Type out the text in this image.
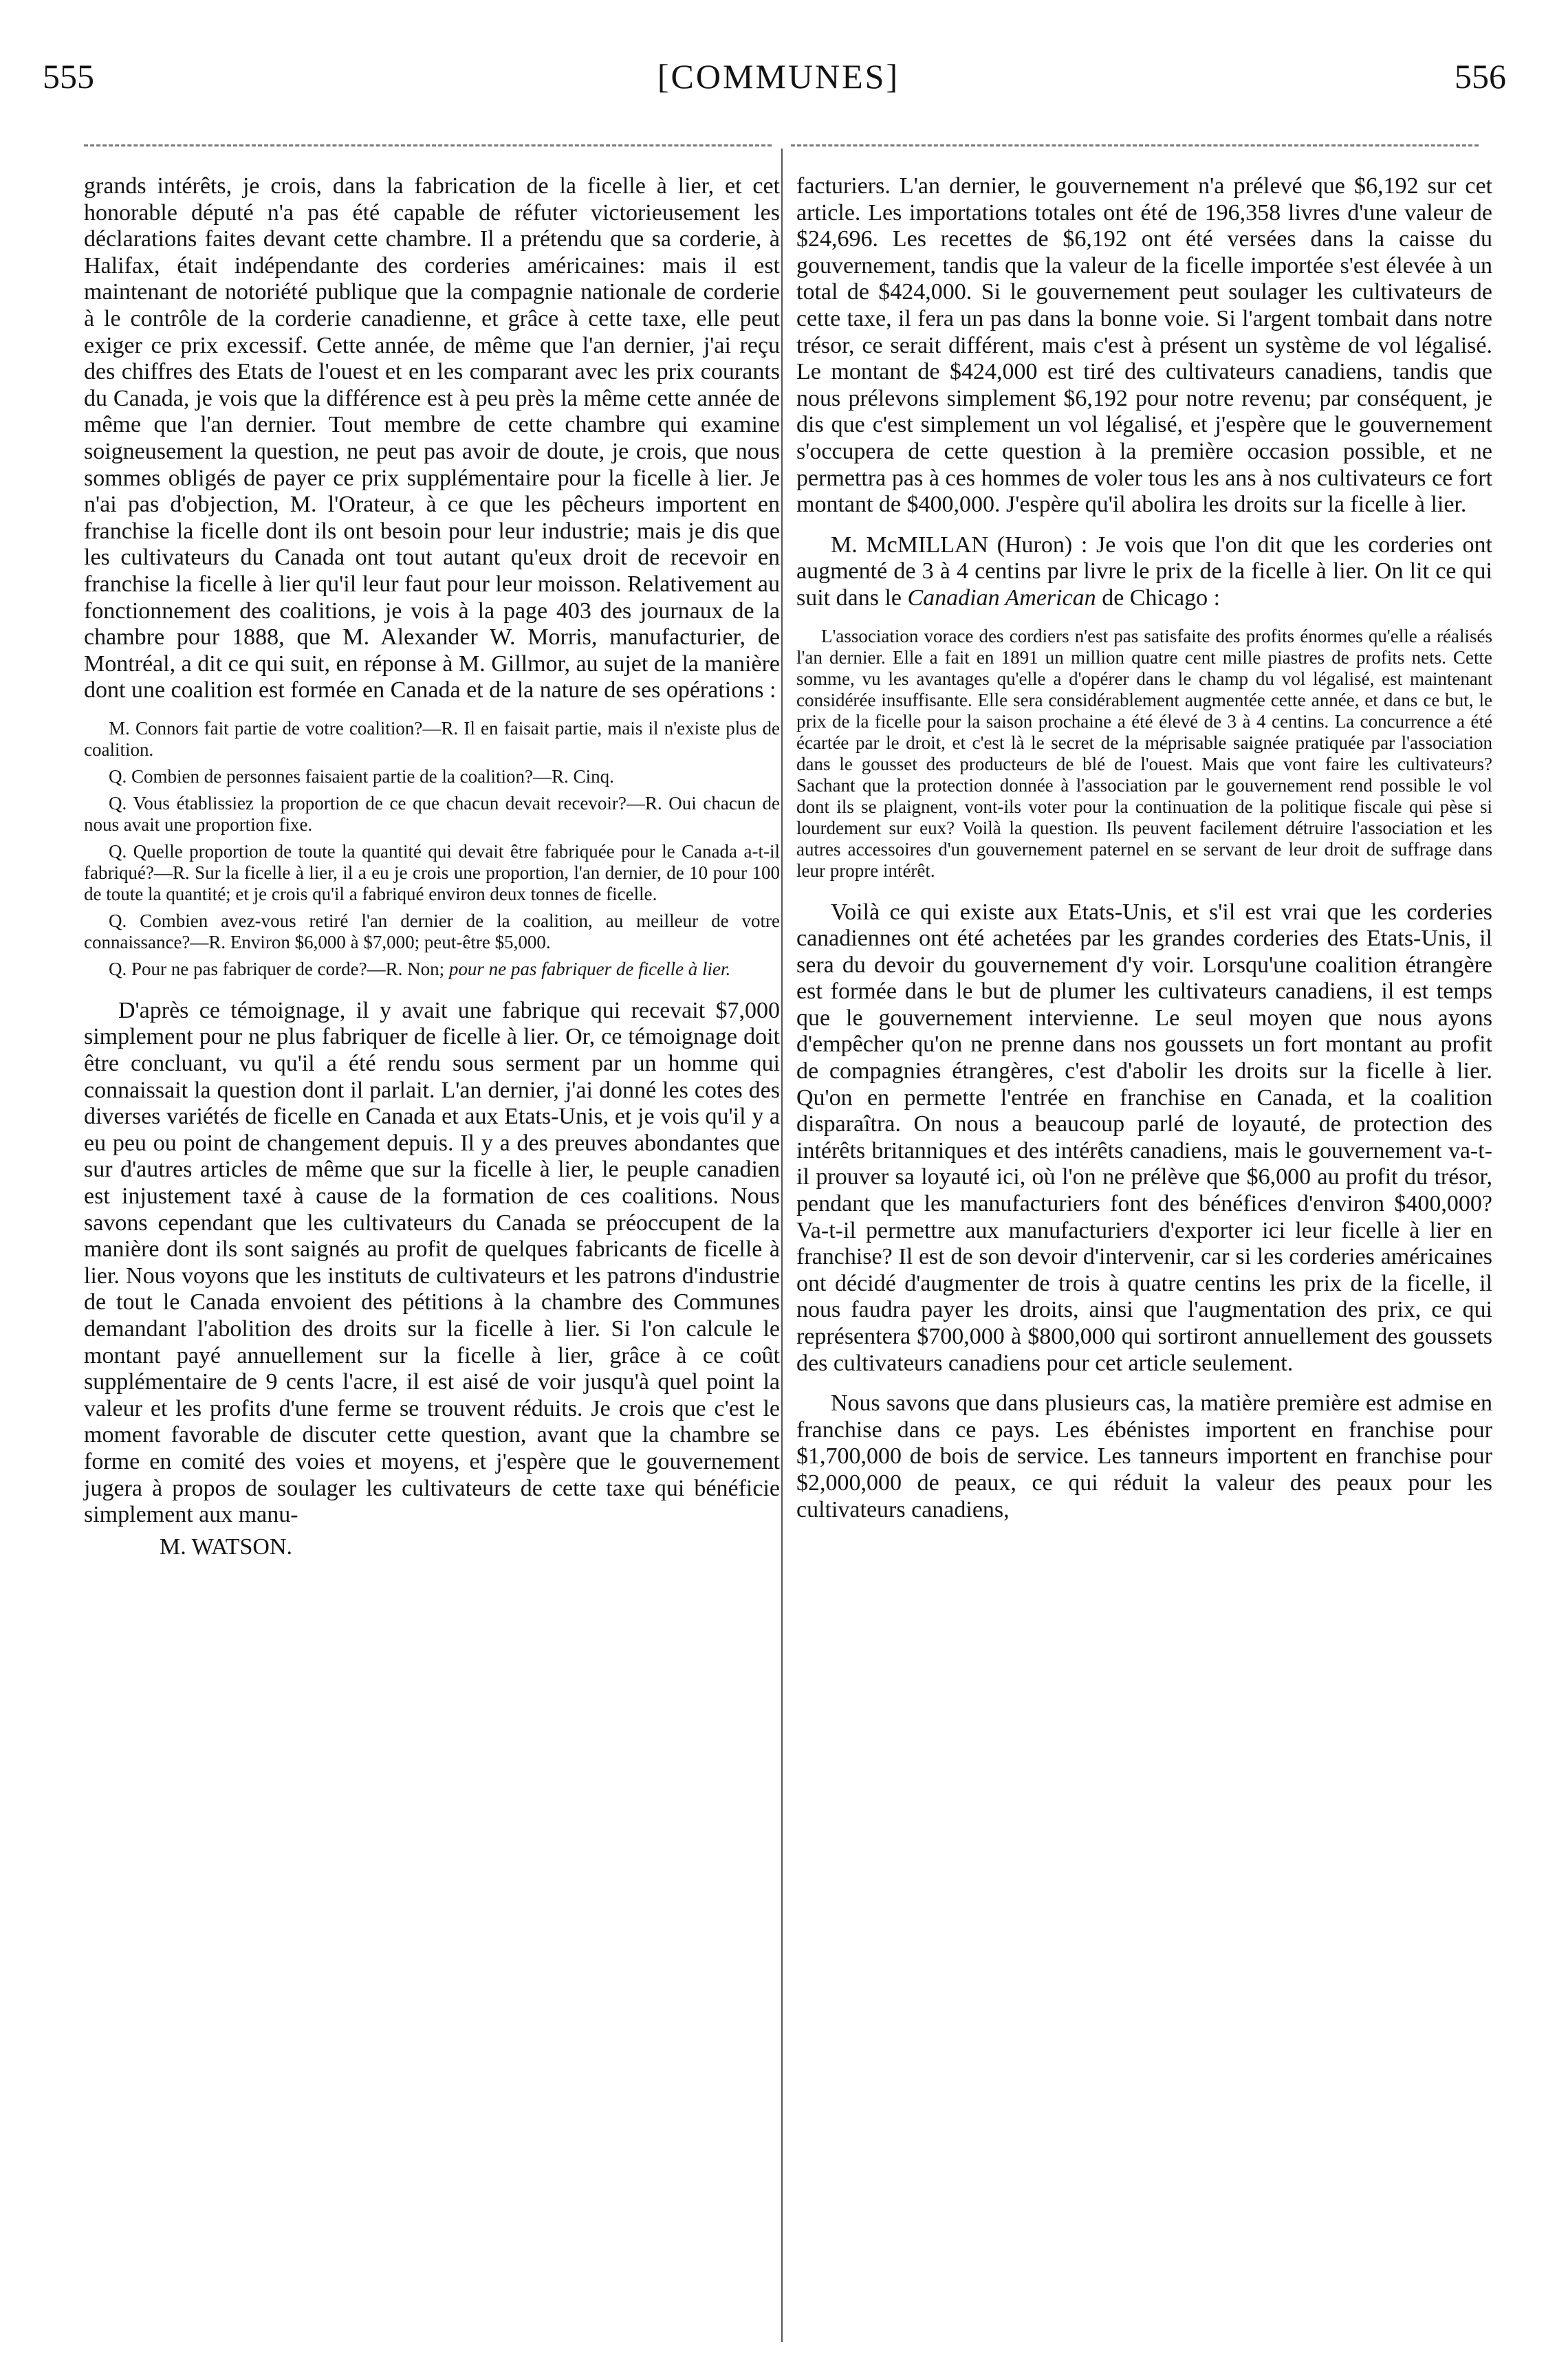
[COMMUNES]
555	556

grands intérêts, je crois, dans la fabrication de la ficelle à lier, et cet honorable député n'a pas été capable de réfuter victorieusement les déclarations faites devant cette chambre. Il a prétendu que sa corderie, à Halifax, était indépendante des corderies américaines: mais il est maintenant de notoriété publique que la compagnie nationale de corderie à le contrôle de la corderie canadienne, et grâce à cette taxe, elle peut exiger ce prix excessif. Cette année, de même que l'an dernier, j'ai reçu des chiffres des Etats de l'ouest et en les comparant avec les prix courants du Canada, je vois que la différence est à peu près la même cette année de même que l'an dernier. Tout membre de cette chambre qui examine soigneusement la question, ne peut pas avoir de doute, je crois, que nous sommes obligés de payer ce prix supplémentaire pour la ficelle à lier. Je n'ai pas d'objection, M. l'Orateur, à ce que les pêcheurs importent en franchise la ficelle dont ils ont besoin pour leur industrie; mais je dis que les cultivateurs du Canada ont tout autant qu'eux droit de recevoir en franchise la ficelle à lier qu'il leur faut pour leur moisson. Relativement au fonctionnement des coalitions, je vois à la page 403 des journaux de la chambre pour 1888, que M. Alexander W. Morris, manufacturier, de Montréal, a dit ce qui suit, en réponse à M. Gillmor, au sujet de la manière dont une coalition est formée en Canada et de la nature de ses opérations :

M. Connors fait partie de votre coalition?—R. Il en faisait partie, mais il n'existe plus de coalition.

Q. Combien de personnes faisaient partie de la coalition?—R. Cinq.

Q. Vous établissiez la proportion de ce que chacun devait recevoir?—R. Oui chacun de nous avait une proportion fixe.

Q. Quelle proportion de toute la quantité qui devait être fabriquée pour le Canada a-t-il fabriqué?—R. Sur la ficelle à lier, il a eu je crois une proportion, l'an dernier, de 10 pour 100 de toute la quantité; et je crois qu'il a fabriqué environ deux tonnes de ficelle.

Q. Combien avez-vous retiré l'an dernier de la coalition, au meilleur de votre connaissance?—R. Environ $6,000 à $7,000; peut-être $5,000.

Q. Pour ne pas fabriquer de corde?—R. Non; pour ne pas fabriquer de ficelle à lier.

D'après ce témoignage, il y avait une fabrique qui recevait $7,000 simplement pour ne plus fabriquer de ficelle à lier. Or, ce témoignage doit être concluant, vu qu'il a été rendu sous serment par un homme qui connaissait la question dont il parlait. L'an dernier, j'ai donné les cotes des diverses variétés de ficelle en Canada et aux Etats-Unis, et je vois qu'il y a eu peu ou point de changement depuis. Il y a des preuves abondantes que sur d'autres articles de même que sur la ficelle à lier, le peuple canadien est injustement taxé à cause de la formation de ces coalitions. Nous savons cependant que les cultivateurs du Canada se préoccupent de la manière dont ils sont saignés au profit de quelques fabricants de ficelle à lier. Nous voyons que les instituts de cultivateurs et les patrons d'industrie de tout le Canada envoient des pétitions à la chambre des Communes demandant l'abolition des droits sur la ficelle à lier. Si l'on calcule le montant payé annuellement sur la ficelle à lier, grâce à ce coût supplémentaire de 9 cents l'acre, il est aisé de voir jusqu'à quel point la valeur et les profits d'une ferme se trouvent réduits. Je crois que c'est le moment favorable de discuter cette question, avant que la chambre se forme en comité des voies et moyens, et j'espère que le gouvernement jugera à propos de soulager les cultivateurs de cette taxe qui bénéficie simplement aux manu-

M. WATSON.

facturiers. L'an dernier, le gouvernement n'a prélevé que $6,192 sur cet article. Les importations totales ont été de 196,358 livres d'une valeur de $24,696. Les recettes de $6,192 ont été versées dans la caisse du gouvernement, tandis que la valeur de la ficelle importée s'est élevée à un total de $424,000. Si le gouvernement peut soulager les cultivateurs de cette taxe, il fera un pas dans la bonne voie. Si l'argent tombait dans notre trésor, ce serait différent, mais c'est à présent un système de vol légalisé. Le montant de $424,000 est tiré des cultivateurs canadiens, tandis que nous prélevons simplement $6,192 pour notre revenu; par conséquent, je dis que c'est simplement un vol légalisé, et j'espère que le gouvernement s'occupera de cette question à la première occasion possible, et ne permettra pas à ces hommes de voler tous les ans à nos cultivateurs ce fort montant de $400,000. J'espère qu'il abolira les droits sur la ficelle à lier.

M. McMILLAN (Huron) : Je vois que l'on dit que les corderies ont augmenté de 3 à 4 centins par livre le prix de la ficelle à lier. On lit ce qui suit dans le Canadian American de Chicago :

L'association vorace des cordiers n'est pas satisfaite des profits énormes qu'elle a réalisés l'an dernier. Elle a fait en 1891 un million quatre cent mille piastres de profits nets. Cette somme, vu les avantages qu'elle a d'opérer dans le champ du vol légalisé, est maintenant considérée insuffisante. Elle sera considérablement augmentée cette année, et dans ce but, le prix de la ficelle pour la saison prochaine a été élevé de 3 à 4 centins. La concurrence a été écartée par le droit, et c'est là le secret de la méprisable saignée pratiquée par l'association dans le gousset des producteurs de blé de l'ouest. Mais que vont faire les cultivateurs? Sachant que la protection donnée à l'association par le gouvernement rend possible le vol dont ils se plaignent, vont-ils voter pour la continuation de la politique fiscale qui pèse si lourdement sur eux? Voilà la question. Ils peuvent facilement détruire l'association et les autres accessoires d'un gouvernement paternel en se servant de leur droit de suffrage dans leur propre intérêt.

Voilà ce qui existe aux Etats-Unis, et s'il est vrai que les corderies canadiennes ont été achetées par les grandes corderies des Etats-Unis, il sera du devoir du gouvernement d'y voir. Lorsqu'une coalition étrangère est formée dans le but de plumer les cultivateurs canadiens, il est temps que le gouvernement intervienne. Le seul moyen que nous ayons d'empêcher qu'on ne prenne dans nos goussets un fort montant au profit de compagnies étrangères, c'est d'abolir les droits sur la ficelle à lier. Qu'on en permette l'entrée en franchise en Canada, et la coalition disparaîtra. On nous a beaucoup parlé de loyauté, de protection des intérêts britanniques et des intérêts canadiens, mais le gouvernement va-t-il prouver sa loyauté ici, où l'on ne prélève que $6,000 au profit du trésor, pendant que les manufacturiers font des bénéfices d'environ $400,000? Va-t-il permettre aux manufacturiers d'exporter ici leur ficelle à lier en franchise? Il est de son devoir d'intervenir, car si les corderies américaines ont décidé d'augmenter de trois à quatre centins les prix de la ficelle, il nous faudra payer les droits, ainsi que l'augmentation des prix, ce qui représentera $700,000 à $800,000 qui sortiront annuellement des goussets des cultivateurs canadiens pour cet article seulement.

Nous savons que dans plusieurs cas, la matière première est admise en franchise dans ce pays. Les ébénistes importent en franchise pour $1,700,000 de bois de service. Les tanneurs importent en franchise pour $2,000,000 de peaux, ce qui réduit la valeur des peaux pour les cultivateurs canadiens,
